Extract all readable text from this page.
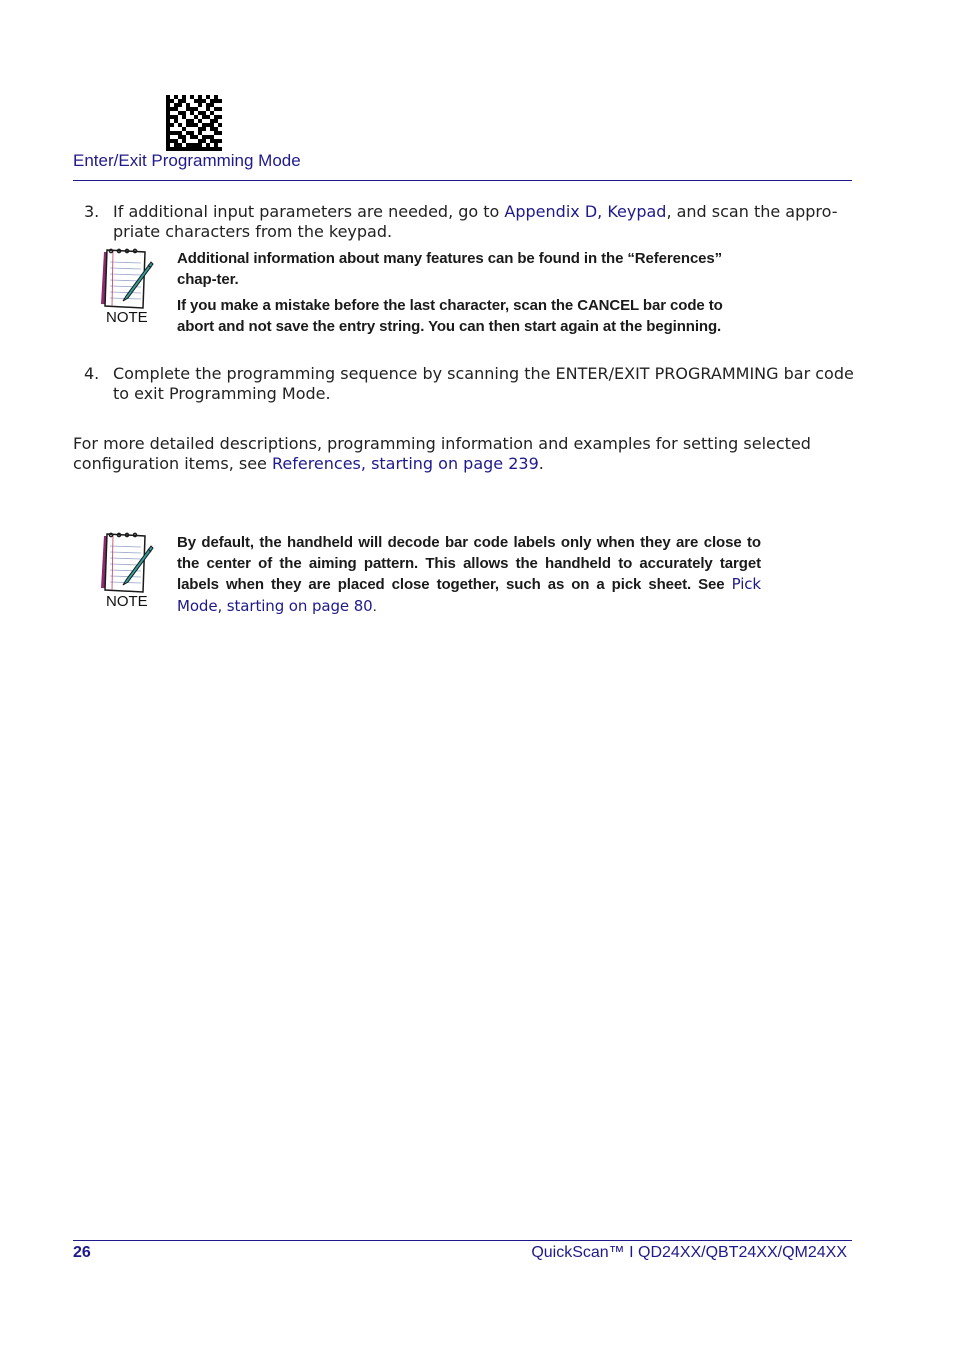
Enter/Exit Programming Mode
3. If additional input parameters are needed, go to Appendix D, Keypad, and scan the appro-priate characters from the keypad.
NOTE

Additional information about many features can be found in the “References” chap-ter.

If you make a mistake before the last character, scan the CANCEL bar code to abort and not save the entry string. You can then start again at the beginning.

4. Complete the programming sequence by scanning the ENTER/EXIT PROGRAMMING bar code to exit Programming Mode.
For more detailed descriptions, programming information and examples for setting selected configuration items, see References, starting on page 239.
NOTE
By default, the handheld will decode bar code labels only when they are close to the center of the aiming pattern. This allows the handheld to accurately target labels when they are placed close together, such as on a pick sheet. See Pick Mode, starting on page 80.
26	QuickScan™ I QD24XX/QBT24XX/QM24XX
